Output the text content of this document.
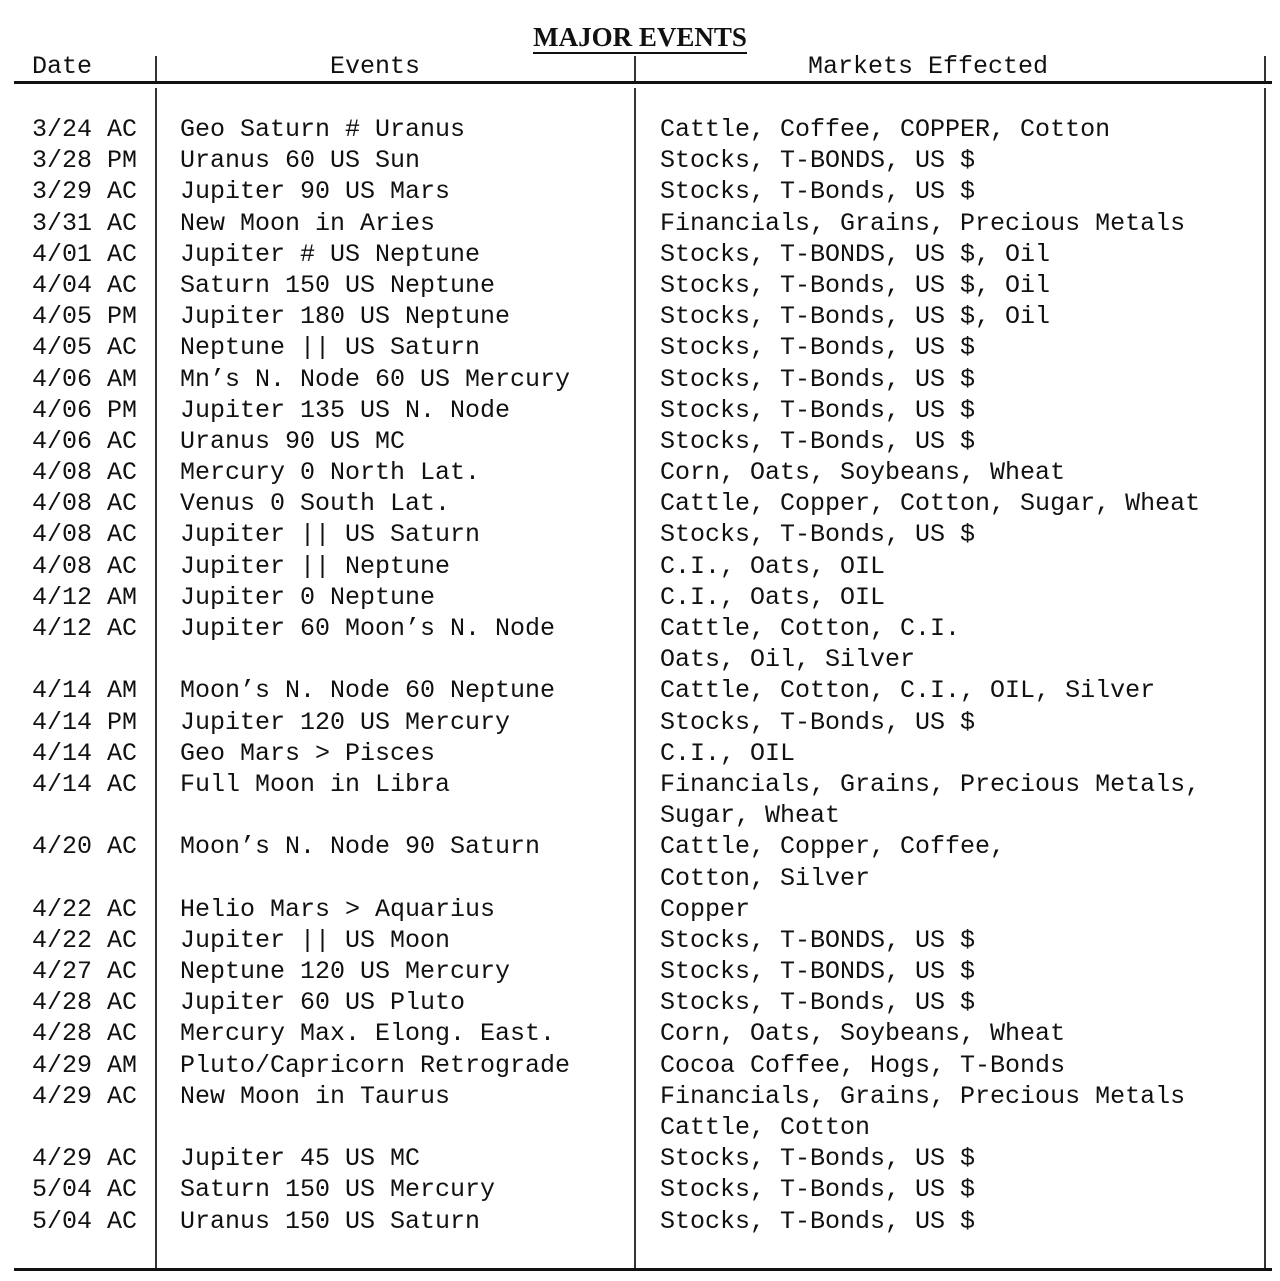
MAJOR EVENTS
Date	Events	Markets Effected
3/24 AC Geo Saturn # Uranus	Cattle, Coffee, COPPER, Cotton
3/28 PM Uranus 60 US Sun	Stocks, T-BONDS, US $
3/29 AC Jupiter 90 US Mars	Stocks, T-Bonds, US $
3/31 AC New Moon in Aries	Financials, Grains, Precious Metals
4/01 AC Jupiter # US Neptune	Stocks, T-BONDS, US $, Oil
4/04 AC Saturn 150 US Neptune	Stocks, T-Bonds, US $, Oil
4/05 PM Jupiter 180 US Neptune	Stocks, T-Bonds, US $, Oil
4/05 AC Neptune || US Saturn	Stocks, T-Bonds, US $
4/06 AM Mn’s N. Node 60 US Mercury	Stocks, T-Bonds, US $
4/06 PM Jupiter 135 US N. Node	Stocks, T-Bonds, US $
4/06 AC Uranus 90 US MC	Stocks, T-Bonds, US $
4/08 AC Mercury 0 North Lat.	Corn, Oats, Soybeans, Wheat
4/08 AC Venus 0 South Lat.	Cattle, Copper, Cotton, Sugar, Wheat
4/08 AC Jupiter || US Saturn	Stocks, T-Bonds, US $
4/08 AC Jupiter || Neptune	C.I., Oats, OIL
4/12 AM Jupiter 0 Neptune	C.I., Oats, OIL
4/12 AC Jupiter 60 Moon’s N. Node	Cattle, Cotton, C.I.
Oats, Oil, Silver
4/14 AM Moon’s N. Node 60 Neptune	Cattle, Cotton, C.I., OIL, Silver
4/14 PM Jupiter 120 US Mercury	Stocks, T-Bonds, US $
4/14 AC Geo Mars > Pisces	C.I., OIL
4/14 AC Full Moon in Libra	Financials, Grains, Precious Metals,
Sugar, Wheat
4/20 AC Moon’s N. Node 90 Saturn	Cattle, Copper, Coffee,
Cotton, Silver
4/22 AC Helio Mars > Aquarius	Copper
4/22 AC Jupiter || US Moon	Stocks, T-BONDS, US $
4/27 AC Neptune 120 US Mercury	Stocks, T-BONDS, US $
4/28 AC Jupiter 60 US Pluto	Stocks, T-Bonds, US $
4/28 AC Mercury Max. Elong. East.	Corn, Oats, Soybeans, Wheat
4/29 AM Pluto/Capricorn Retrograde	Cocoa Coffee, Hogs, T-Bonds
4/29 AC New Moon in Taurus	Financials, Grains, Precious Metals
Cattle, Cotton
4/29 AC Jupiter 45 US MC	Stocks, T-Bonds, US $
5/04 AC Saturn 150 US Mercury	Stocks, T-Bonds, US $
5/04 AC Uranus 150 US Saturn	Stocks, T-Bonds, US $
